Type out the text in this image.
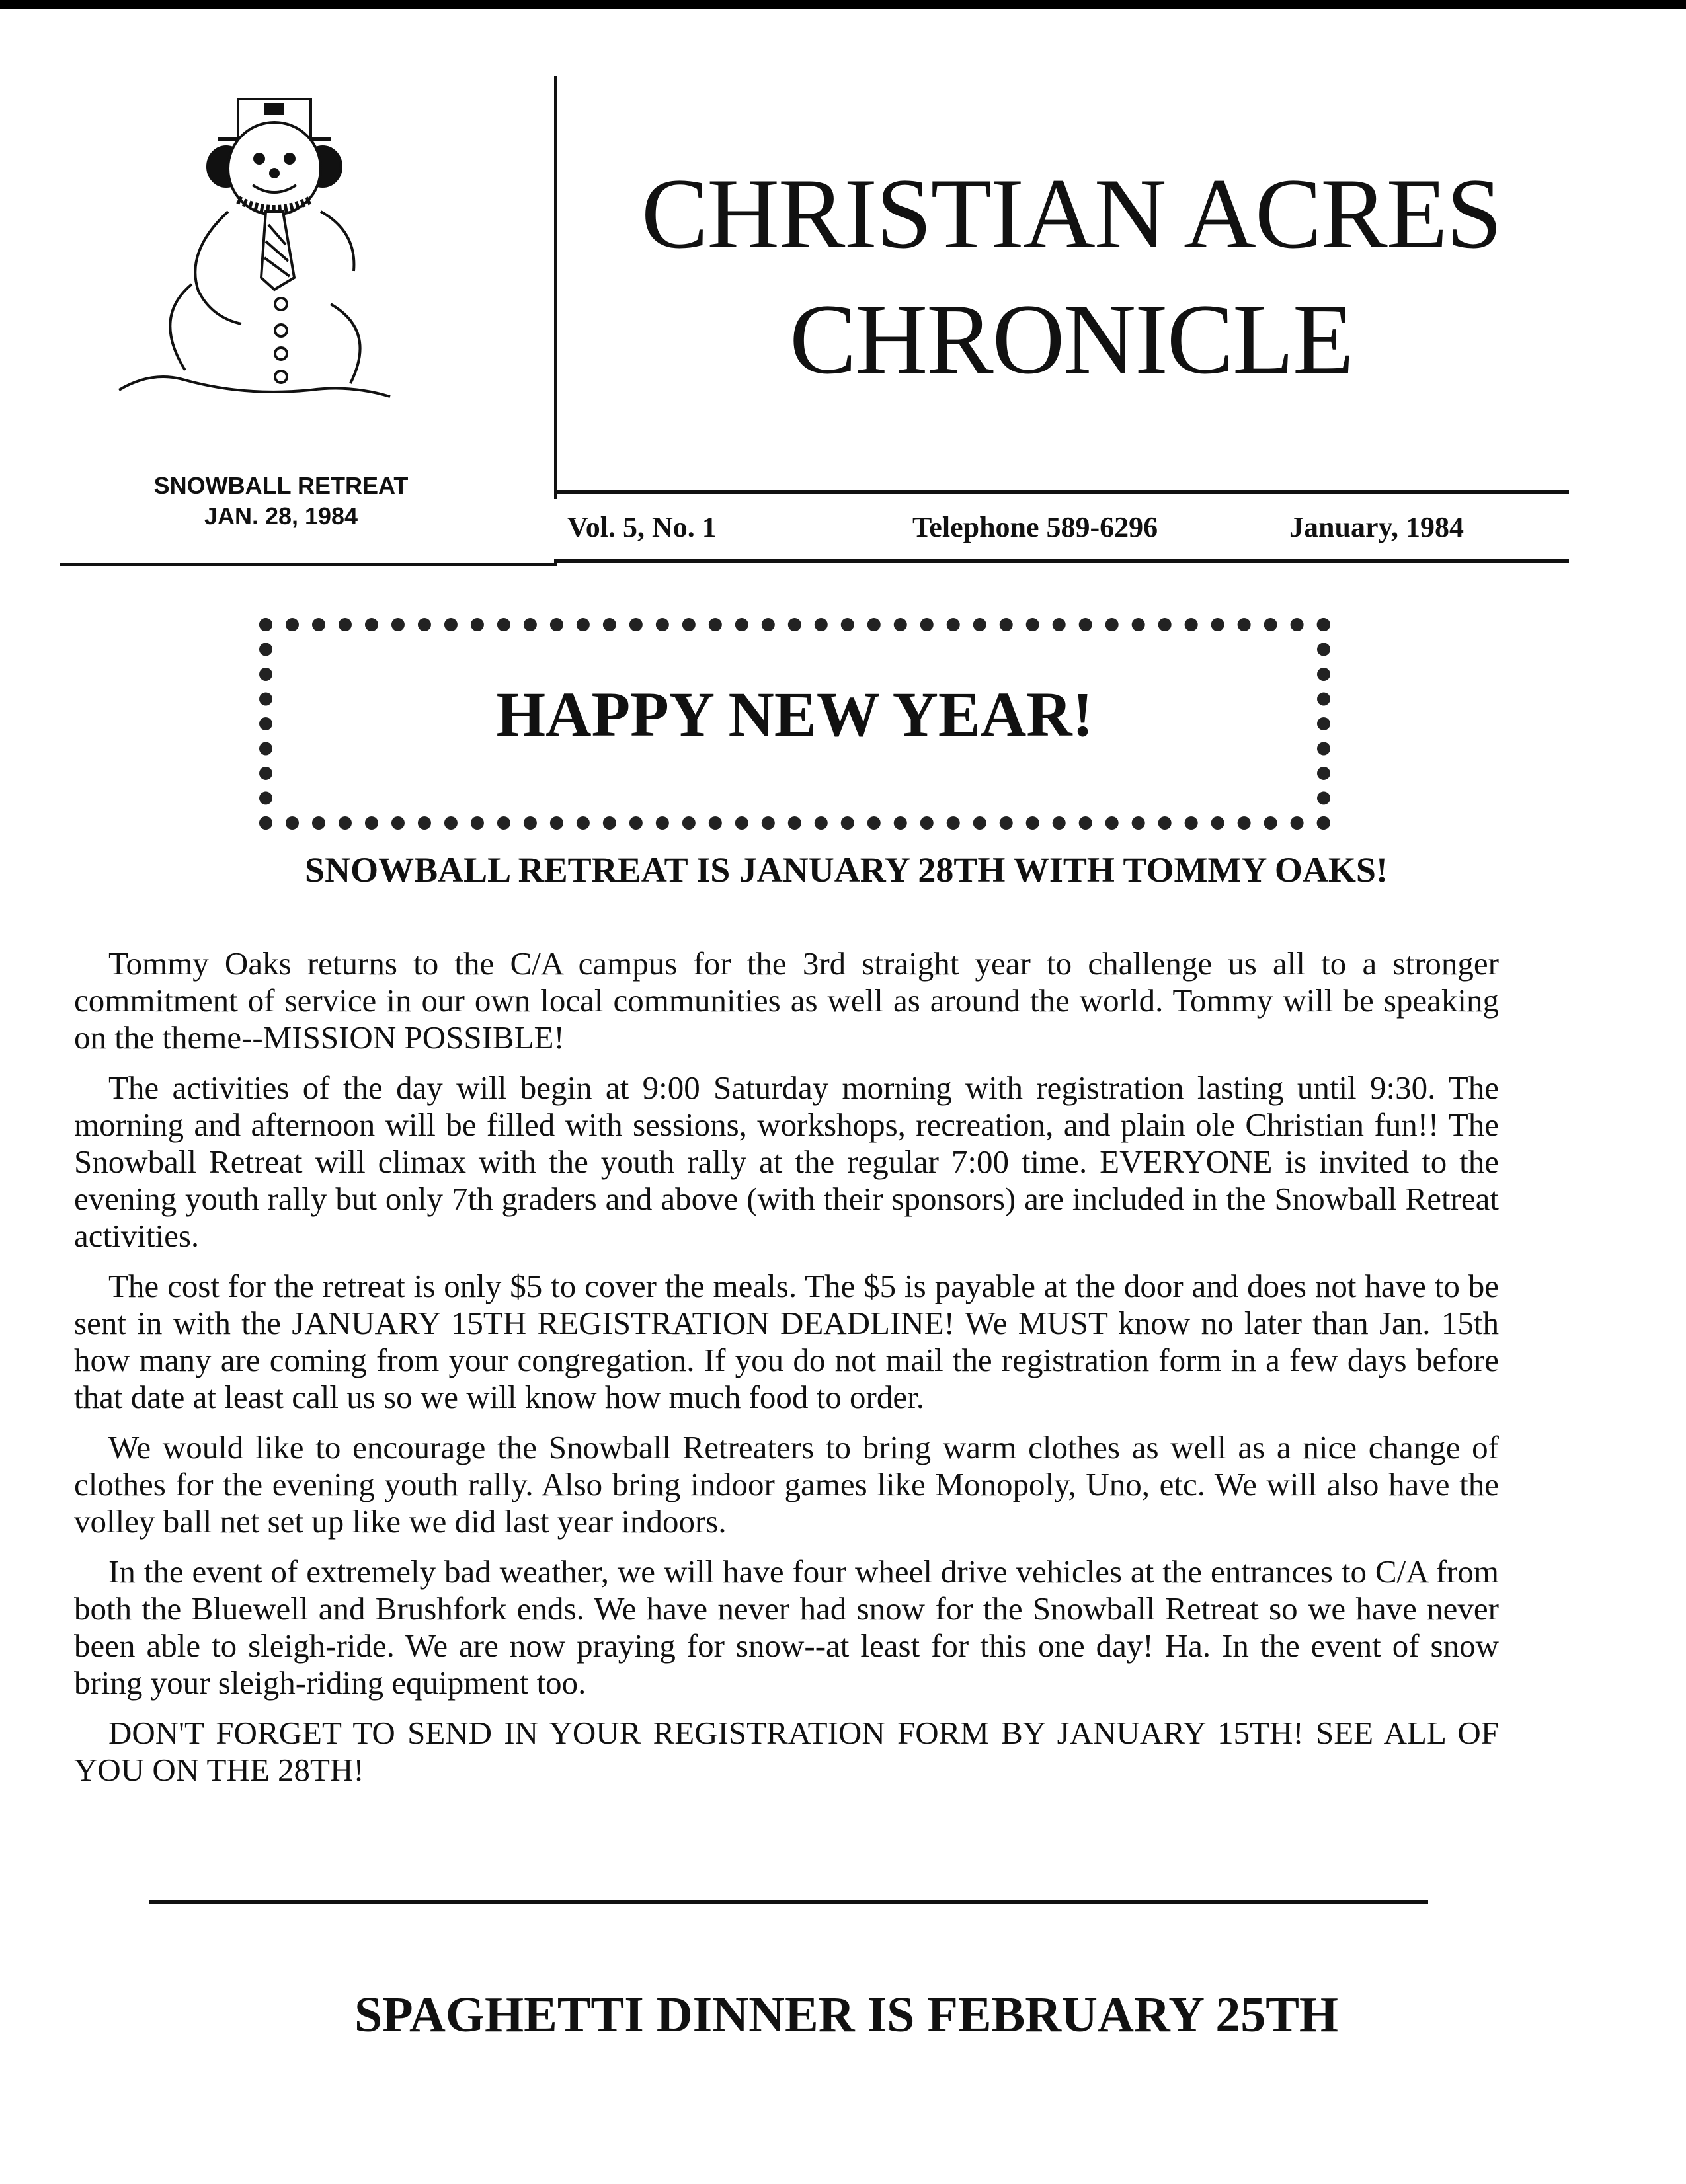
SNOWBALL RETREAT
JAN. 28, 1984
CHRISTIAN ACRES
CHRONICLE
Vol. 5, No. 1	Telephone 589-6296	January, 1984
HAPPY NEW YEAR!
SNOWBALL RETREAT IS JANUARY 28TH WITH TOMMY OAKS!

Tommy Oaks returns to the C/A campus for the 3rd straight year to challenge us all to a stronger commitment of service in our own local communities as well as around the world. Tommy will be speaking on the theme--MISSION POSSIBLE!

The activities of the day will begin at 9:00 Saturday morning with registration lasting until 9:30. The morning and afternoon will be filled with sessions, workshops, recreation, and plain ole Christian fun!! The Snowball Retreat will climax with the youth rally at the regular 7:00 time. EVERYONE is invited to the evening youth rally but only 7th graders and above (with their sponsors) are included in the Snowball Retreat activities.

The cost for the retreat is only $5 to cover the meals. The $5 is payable at the door and does not have to be sent in with the JANUARY 15TH REGISTRATION DEADLINE! We MUST know no later than Jan. 15th how many are coming from your congregation. If you do not mail the registration form in a few days before that date at least call us so we will know how much food to order.

We would like to encourage the Snowball Retreaters to bring warm clothes as well as a nice change of clothes for the evening youth rally. Also bring indoor games like Monopoly, Uno, etc. We will also have the volley ball net set up like we did last year indoors.

In the event of extremely bad weather, we will have four wheel drive vehicles at the entrances to C/A from both the Bluewell and Brushfork ends. We have never had snow for the Snowball Retreat so we have never been able to sleigh-ride. We are now praying for snow--at least for this one day! Ha. In the event of snow bring your sleigh-riding equipment too.

DON'T FORGET TO SEND IN YOUR REGISTRATION FORM BY JANUARY 15TH! SEE ALL OF YOU ON THE 28TH!

SPAGHETTI DINNER IS FEBRUARY 25TH
